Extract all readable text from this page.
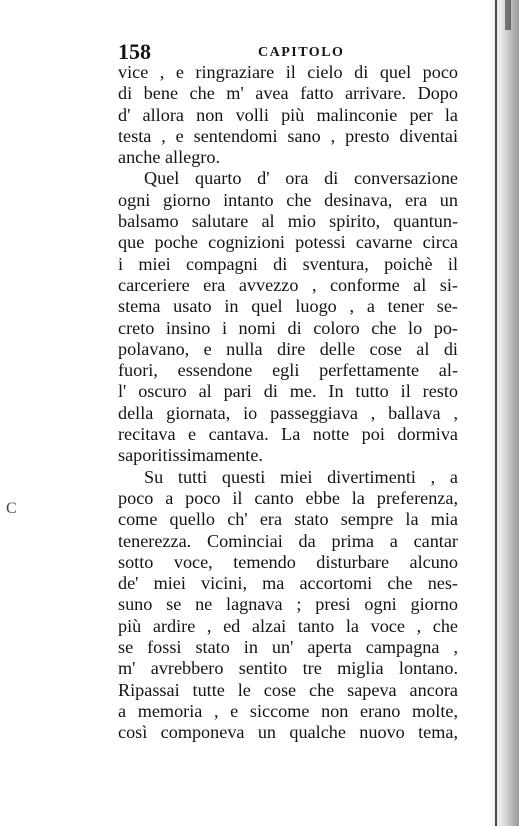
C
158	CAPITOLO
vice , e ringraziare il cielo di quel poco
di bene che m' avea fatto arrivare. Dopo
d' allora non volli più malinconie per la
testa , e sentendomi sano , presto diventai
anche allegro.
Quel quarto d' ora di conversazione
ogni giorno intanto che desinava, era un
balsamo salutare al mio spirito, quantun-
que poche cognizioni potessi cavarne circa
i miei compagni di sventura, poichè il
carceriere era avvezzo , conforme al si-
stema usato in quel luogo , a tener se-
creto insino i nomi di coloro che lo po-
polavano, e nulla dire delle cose al di
fuori, essendone egli perfettamente al-
l' oscuro al pari di me. In tutto il resto
della giornata, io passeggiava , ballava ,
recitava e cantava. La notte poi dormiva
saporitissimamente.
Su tutti questi miei divertimenti , a
poco a poco il canto ebbe la preferenza,
come quello ch' era stato sempre la mia
tenerezza. Cominciai da prima a cantar
sotto voce, temendo disturbare alcuno
de' miei vicini, ma accortomi che nes-
suno se ne lagnava ; presi ogni giorno
più ardire , ed alzai tanto la voce , che
se fossi stato in un' aperta campagna ,
m' avrebbero sentito tre miglia lontano.
Ripassai tutte le cose che sapeva ancora
a memoria , e siccome non erano molte,
così componeva un qualche nuovo tema,
